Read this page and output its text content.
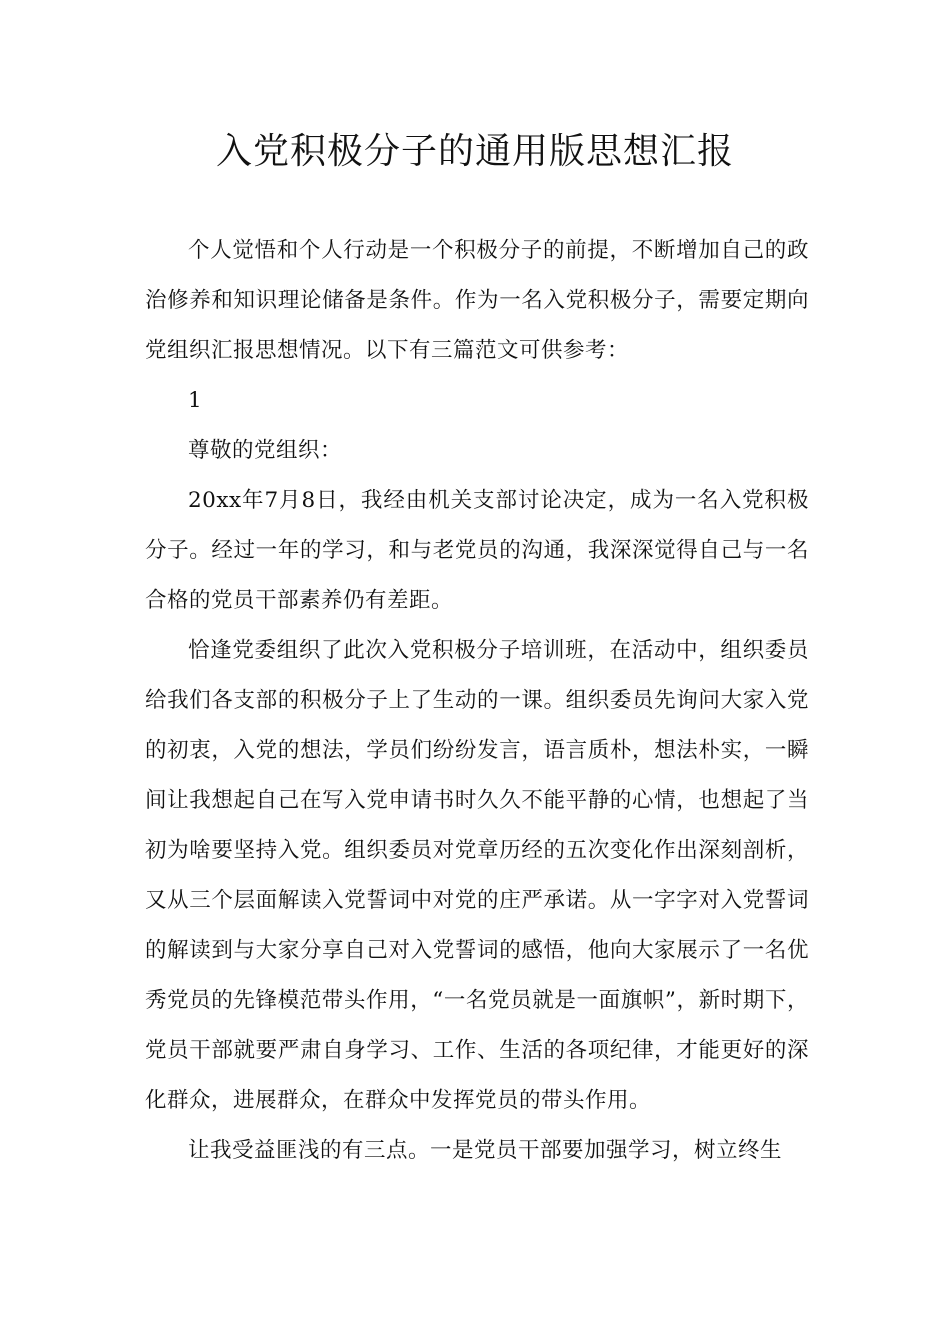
入党积极分子的通用版思想汇报

个人觉悟和个人行动是一个积极分子的前提，不断增加自己的政治修养和知识理论储备是条件。作为一名入党积极分子，需要定期向党组织汇报思想情况。以下有三篇范文可供参考：

1

尊敬的党组织：

20xx年7月8日，我经由机关支部讨论决定，成为一名入党积极分子。经过一年的学习，和与老党员的沟通，我深深觉得自己与一名合格的党员干部素养仍有差距。

恰逢党委组织了此次入党积极分子培训班，在活动中，组织委员给我们各支部的积极分子上了生动的一课。组织委员先询问大家入党的初衷，入党的想法，学员们纷纷发言，语言质朴，想法朴实，一瞬间让我想起自己在写入党申请书时久久不能平静的心情，也想起了当初为啥要坚持入党。组织委员对党章历经的五次变化作出深刻剖析，又从三个层面解读入党誓词中对党的庄严承诺。从一字字对入党誓词的解读到与大家分享自己对入党誓词的感悟，他向大家展示了一名优秀党员的先锋模范带头作用，“一名党员就是一面旗帜”，新时期下，党员干部就要严肃自身学习、工作、生活的各项纪律，才能更好的深化群众，进展群众，在群众中发挥党员的带头作用。

让我受益匪浅的有三点。一是党员干部要加强学习，树立终生
